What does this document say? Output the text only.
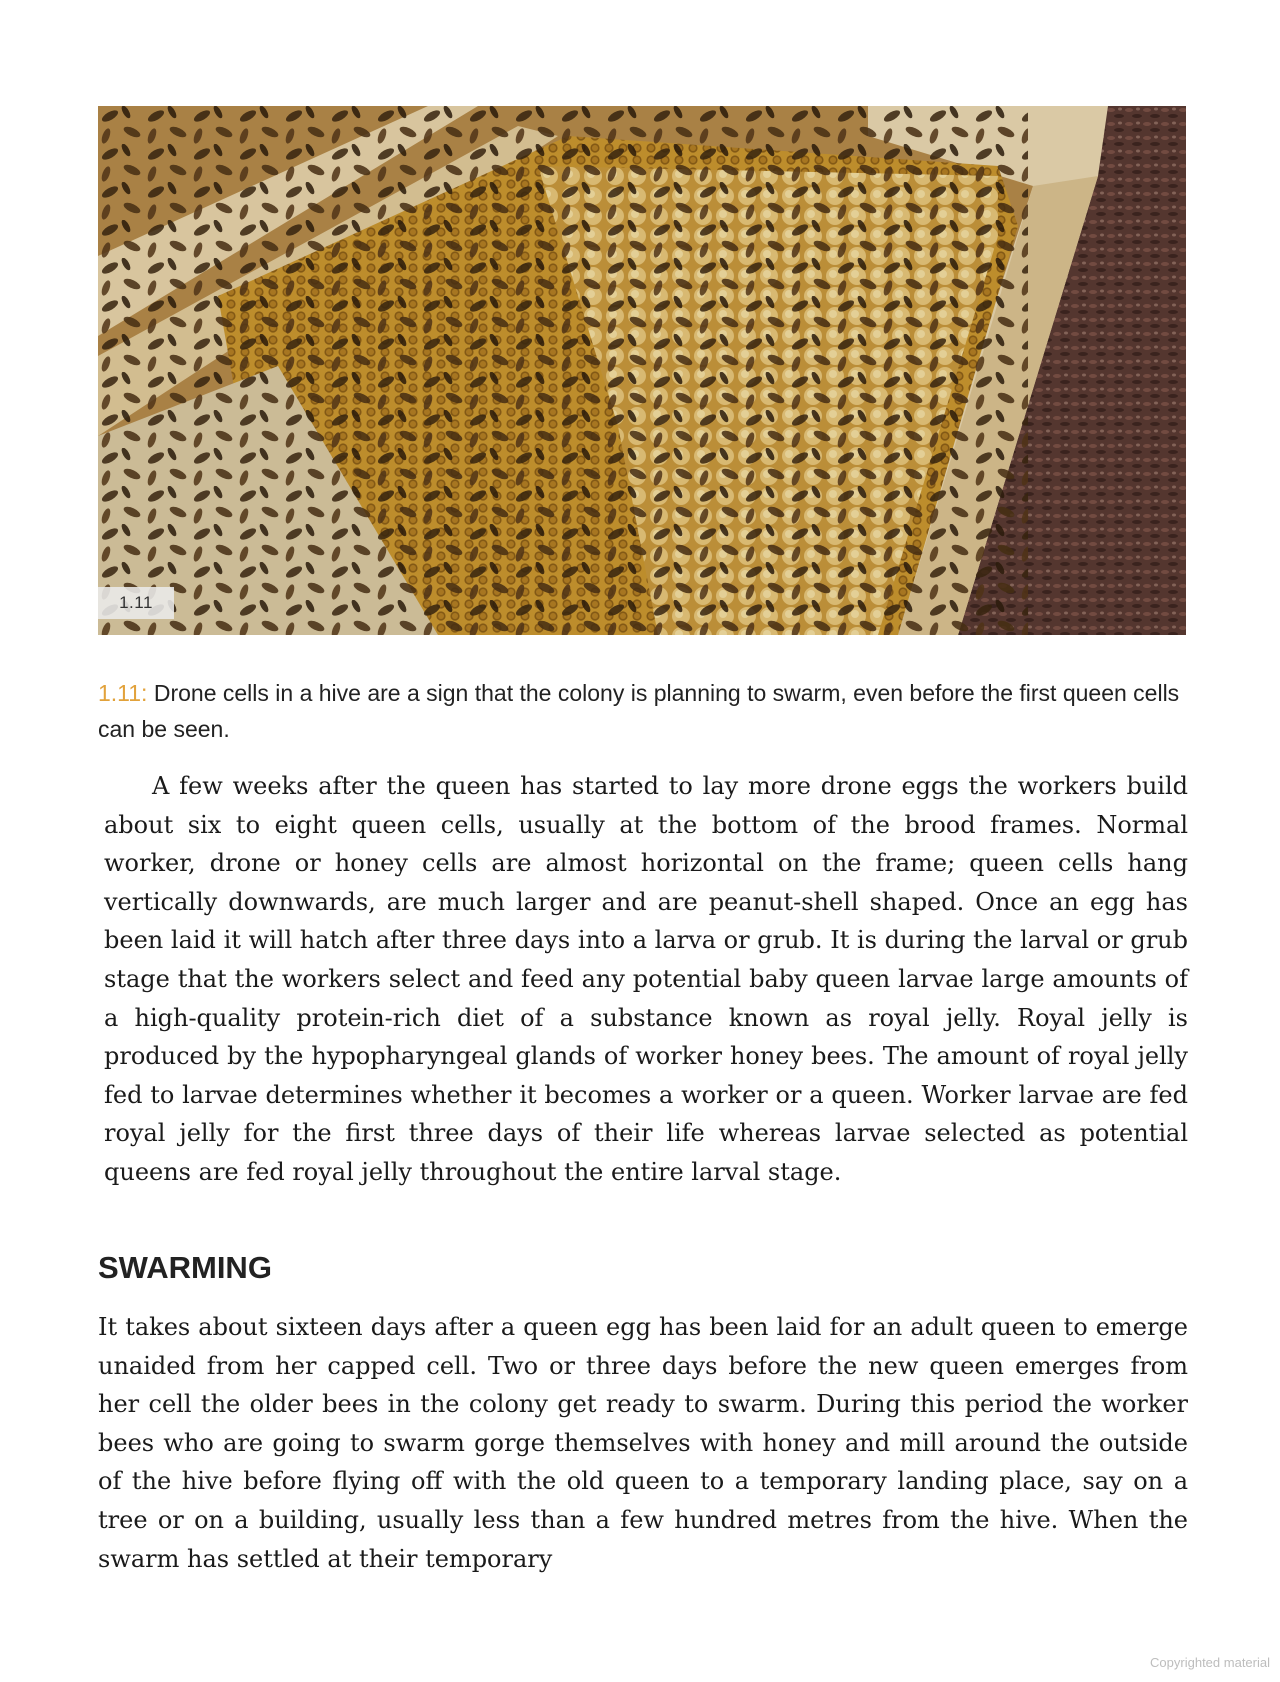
1.11
1.11: Drone cells in a hive are a sign that the colony is planning to swarm, even before the first queen cells can be seen.

A few weeks after the queen has started to lay more drone eggs the workers build about six to eight queen cells, usually at the bottom of the brood frames. Normal worker, drone or honey cells are almost horizontal on the frame; queen cells hang vertically downwards, are much larger and are peanut-shell shaped. Once an egg has been laid it will hatch after three days into a larva or grub. It is during the larval or grub stage that the workers select and feed any potential baby queen larvae large amounts of a high-quality protein-rich diet of a substance known as royal jelly. Royal jelly is produced by the hypopharyngeal glands of worker honey bees. The amount of royal jelly fed to larvae determines whether it becomes a worker or a queen. Worker larvae are fed royal jelly for the first three days of their life whereas larvae selected as potential queens are fed royal jelly throughout the entire larval stage.

SWARMING

It takes about sixteen days after a queen egg has been laid for an adult queen to emerge unaided from her capped cell. Two or three days before the new queen emerges from her cell the older bees in the colony get ready to swarm. During this period the worker bees who are going to swarm gorge themselves with honey and mill around the outside of the hive before flying off with the old queen to a temporary landing place, say on a tree or on a building, usually less than a few hundred metres from the hive. When the swarm has settled at their temporary

Copyrighted material
